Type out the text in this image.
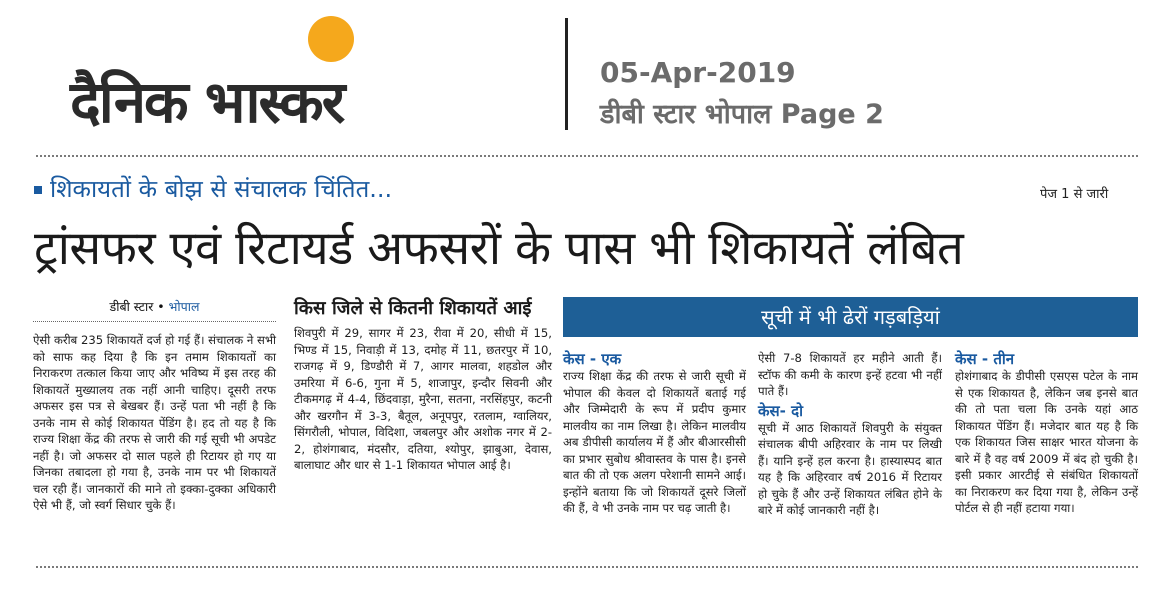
दैनिक भास्कर	05-Apr-2019
डीबी स्टार भोपाल Page 2
शिकायतों के बोझ से संचालक चिंतित...	पेज 1 से जारी
ट्रांसफर एवं रिटायर्ड अफसरों के पास भी शिकायतें लंबित
डीबी स्टार • भोपाल

ऐसी करीब 235 शिकायतें दर्ज हो गई हैं। संचालक ने सभी को साफ कह दिया है कि इन तमाम शिकायतों का निराकरण तत्काल किया जाए और भविष्य में इस तरह की शिकायतें मुख्यालय तक नहीं आनी चाहिए। दूसरी तरफ अफसर इस पत्र से बेखबर हैं। उन्हें पता भी नहीं है कि उनके नाम से कोई शिकायत पेंडिंग है। हद तो यह है कि राज्य शिक्षा केंद्र की तरफ से जारी की गई सूची भी अपडेट नहीं है। जो अफसर दो साल पहले ही रिटायर हो गए या जिनका तबादला हो गया है, उनके नाम पर भी शिकायतें चल रही हैं। जानकारों की माने तो इक्का-दुक्का अधिकारी ऐसे भी हैं, जो स्वर्ग सिधार चुके हैं।

किस जिले से कितनी शिकायतें आई

शिवपुरी में 29, सागर में 23, रीवा में 20, सीधी में 15, भिण्ड में 15, निवाड़ी में 13, दमोह में 11, छतरपुर में 10, राजगढ़ में 9, डिण्डौरी में 7, आगर मालवा, शहडोल और उमरिया में 6-6, गुना में 5, शाजापुर, इन्दौर सिवनी और टीकमगढ़ में 4-4, छिंदवाड़ा, मुरैना, सतना, नरसिंहपुर, कटनी और खरगौन में 3-3, बैतूल, अनूपपुर, रतलाम, ग्वालियर, सिंगरौली, भोपाल, विदिशा, जबलपुर और अशोक नगर में 2-2, होशंगाबाद, मंदसौर, दतिया, श्योपुर, झाबुआ, देवास, बालाघाट और धार से 1-1 शिकायत भोपाल आई है।

सूची में भी ढेरों गड़बड़ियां
केस - एक

राज्य शिक्षा केंद्र की तरफ से जारी सूची में भोपाल की केवल दो शिकायतें बताई गई और जिम्मेदारी के रूप में प्रदीप कुमार मालवीय का नाम लिखा है। लेकिन मालवीय अब डीपीसी कार्यालय में हैं और बीआरसीसी का प्रभार सुबोध श्रीवास्तव के पास है। इनसे बात की तो एक अलग परेशानी सामने आई। इन्होंने बताया कि जो शिकायतें दूसरे जिलों की हैं, वे भी उनके नाम पर चढ़ जाती है।

ऐसी 7-8 शिकायतें हर महीने आती हैं। स्टॉफ की कमी के कारण इन्हें हटवा भी नहीं पाते हैं।

केस- दो

सूची में आठ शिकायतें शिवपुरी के संयुक्त संचालक बीपी अहिरवार के नाम पर लिखी हैं। यानि इन्हें हल करना है। हास्यास्पद बात यह है कि अहिरवार वर्ष 2016 में रिटायर हो चुके हैं और उन्हें शिकायत लंबित होने के बारे में कोई जानकारी नहीं है।

केस - तीन

होशंगाबाद के डीपीसी एसएस पटेल के नाम से एक शिकायत है, लेकिन जब इनसे बात की तो पता चला कि उनके यहां आठ शिकायत पेंडिंग हैं। मजेदार बात यह है कि एक शिकायत जिस साक्षर भारत योजना के बारे में है वह वर्ष 2009 में बंद हो चुकी है। इसी प्रकार आरटीई से संबंधित शिकायतों का निराकरण कर दिया गया है, लेकिन उन्हें पोर्टल से ही नहीं हटाया गया।
